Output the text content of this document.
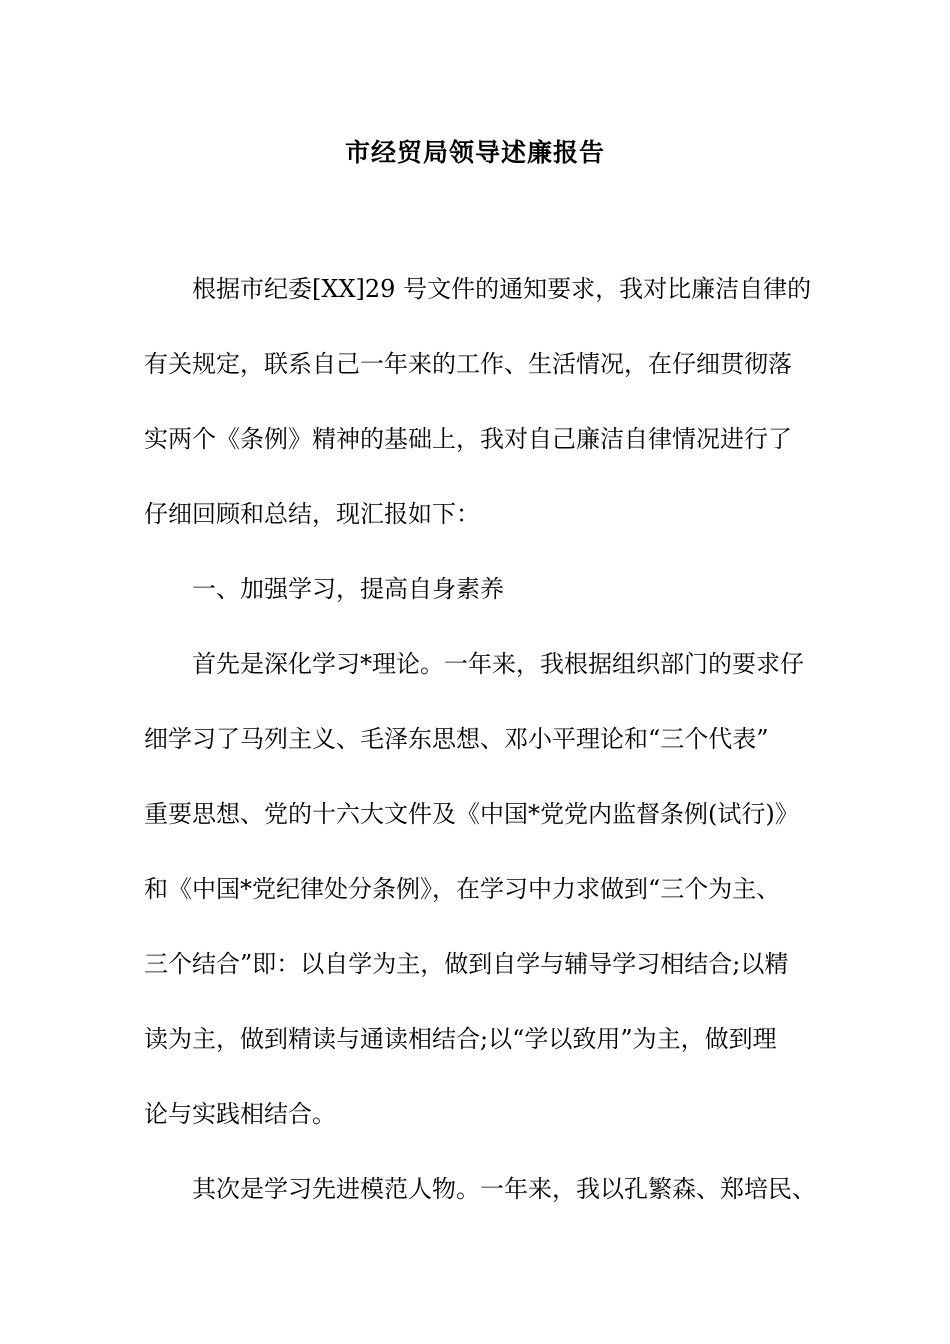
市经贸局领导述廉报告
根据市纪委[XX]29 号文件的通知要求，我对比廉洁自律的
有关规定，联系自己一年来的工作、生活情况，在仔细贯彻落
实两个《条例》精神的基础上，我对自己廉洁自律情况进行了
仔细回顾和总结，现汇报如下：
一、加强学习，提高自身素养
首先是深化学习*理论。一年来，我根据组织部门的要求仔
细学习了马列主义、毛泽东思想、邓小平理论和“三个代表”
重要思想、党的十六大文件及《中国*党党内监督条例(试行)》
和《中国*党纪律处分条例》，在学习中力求做到“三个为主、
三个结合”即：以自学为主，做到自学与辅导学习相结合;以精
读为主，做到精读与通读相结合;以“学以致用”为主，做到理
论与实践相结合。
其次是学习先进模范人物。一年来，我以孔繁森、郑培民、
